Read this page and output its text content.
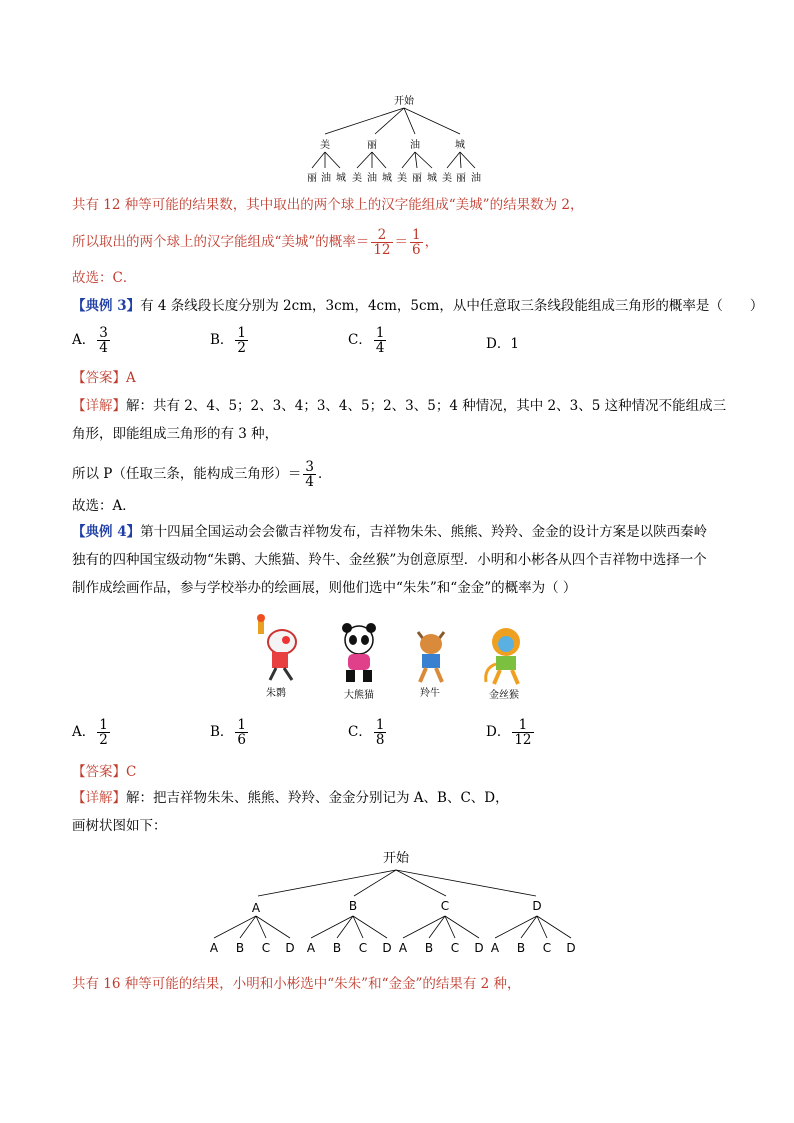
开始
美	丽	油	城
丽 油 城 美 油 城 美 丽 城 美 丽 油
共有 12 种等可能的结果数，其中取出的两个球上的汉字能组成“美城”的结果数为 2，
所以取出的两个球上的汉字能组成“美城”的概率＝ $\frac{2}{12} = \frac{1}{6}$ ，
故选：C．
【典例 3】有 4 条线段长度分别为 2cm，3cm，4cm，5cm，从中任意取三条线段能组成三角形的概率是（　　）
A． $\frac{3}{4}$	B． $\frac{1}{2}$	C． $\frac{1}{4}$	D．1
【答案】A
【详解】解：共有 2、4、5；2、3、4；3、4、5；2、3、5；4 种情况，其中 2、3、5 这种情况不能组成三
角形，即能组成三角形的有 3 种，
所以 P（任取三条，能构成三角形）＝ $\frac{3}{4}$ ．
故选：A．
【典例 4】第十四届全国运动会会徽吉祥物发布，吉祥物朱朱、熊熊、羚羚、金金的设计方案是以陕西秦岭
独有的四种国宝级动物“朱鹮、大熊猫、羚牛、金丝猴”为创意原型．小明和小彬各从四个吉祥物中选择一个
制作成绘画作品，参与学校举办的绘画展，则他们选中“朱朱”和“金金”的概率为（ ）
朱鹮	大熊猫	羚牛	金丝猴
A． $\frac{1}{2}$	B． $\frac{1}{6}$	C． $\frac{1}{8}$	D． $\frac{1}{12}$
【答案】C
【详解】解：把吉祥物朱朱、熊熊、羚羚、金金分别记为 A、B、C、D，
画树状图如下：
开始
A	B	C	D
A B C D A B C D A B C D A B C D
共有 16 种等可能的结果，小明和小彬选中“朱朱”和“金金”的结果有 2 种，
